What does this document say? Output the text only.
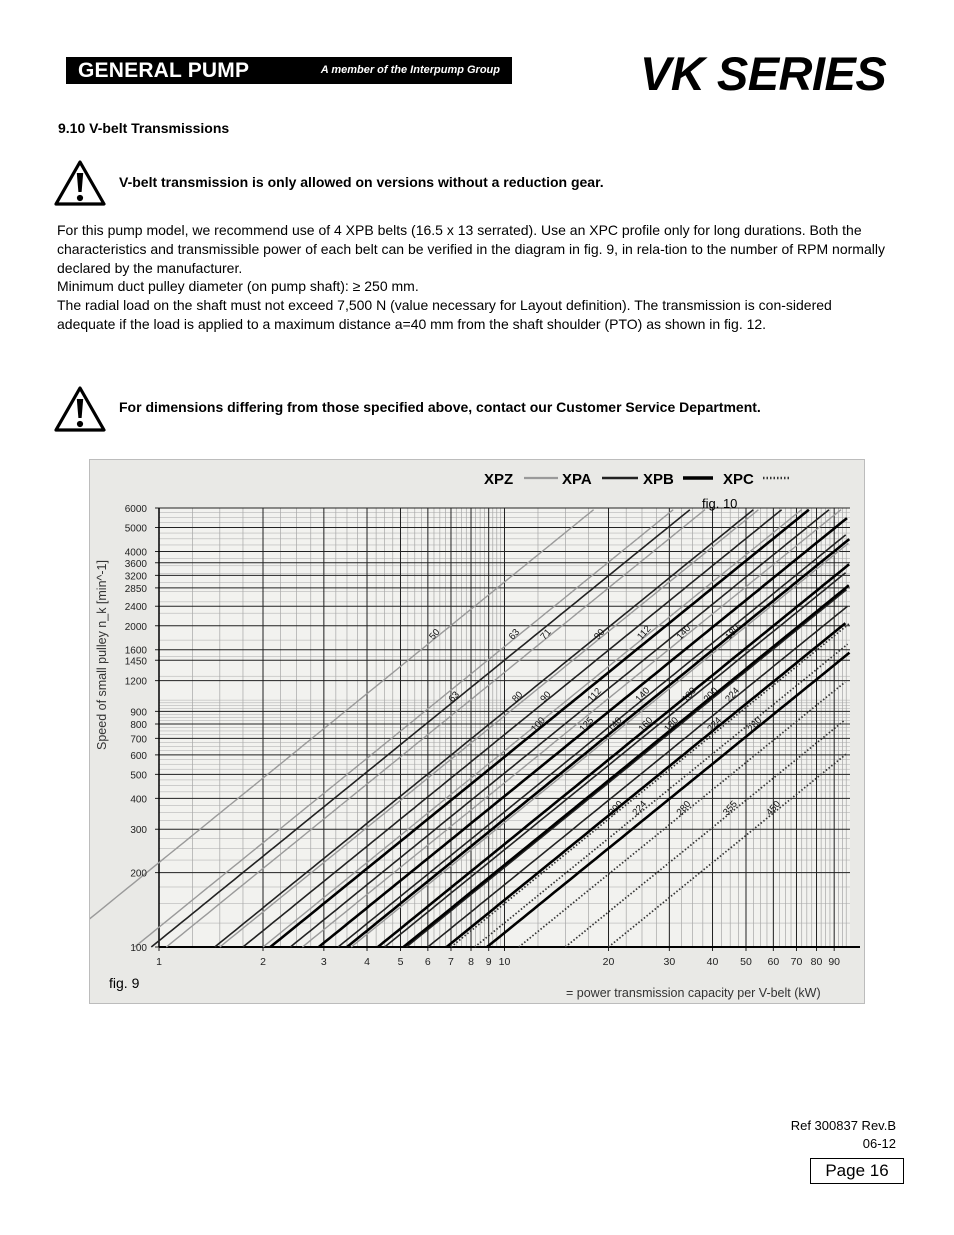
GENERAL PUMP	A member of the Interpump Group	VK SERIES
9.10 V-belt Transmissions
V-belt transmission is only allowed on versions without a reduction gear.
For this pump model, we recommend use of 4 XPB belts (16.5 x 13 serrated). Use an XPC profile only for long durations. Both the characteristics and transmissible power of each belt can be verified in the diagram in fig. 9, in rela-tion to the number of RPM normally declared by the manufacturer.
Minimum duct pulley diameter (on pump shaft): ≥ 250 mm.
The radial load on the shaft must not exceed 7,500 N (value necessary for Layout definition). The transmission is con-sidered adequate if the load is applied to a maximum distance a=40 mm from the shaft shoulder (PTO) as shown in fig. 12.
For dimensions differing from those specified above, contact our Customer Service Department.
1	2	3	4	5 6 7 8 9 10	20	30	40 50 60 70 80 90
100
200
300
400
500
600
700
800
900
1200
1450
1600
2000
2400
2850
3200
3600
4000
5000
6000
50	63 71	90	112 140	180
63	80 90	112	140	180 200 224
100	125 140 160 180	224 280
200 224	280	355	450
Speed of small pulley n_k [min^-1]
= power transmission capacity per V-belt (kW)
fig. 9
fig. 10
XPZ	XPA	XPB	XPC
Ref 300837 Rev.B
06-12
Page 16
